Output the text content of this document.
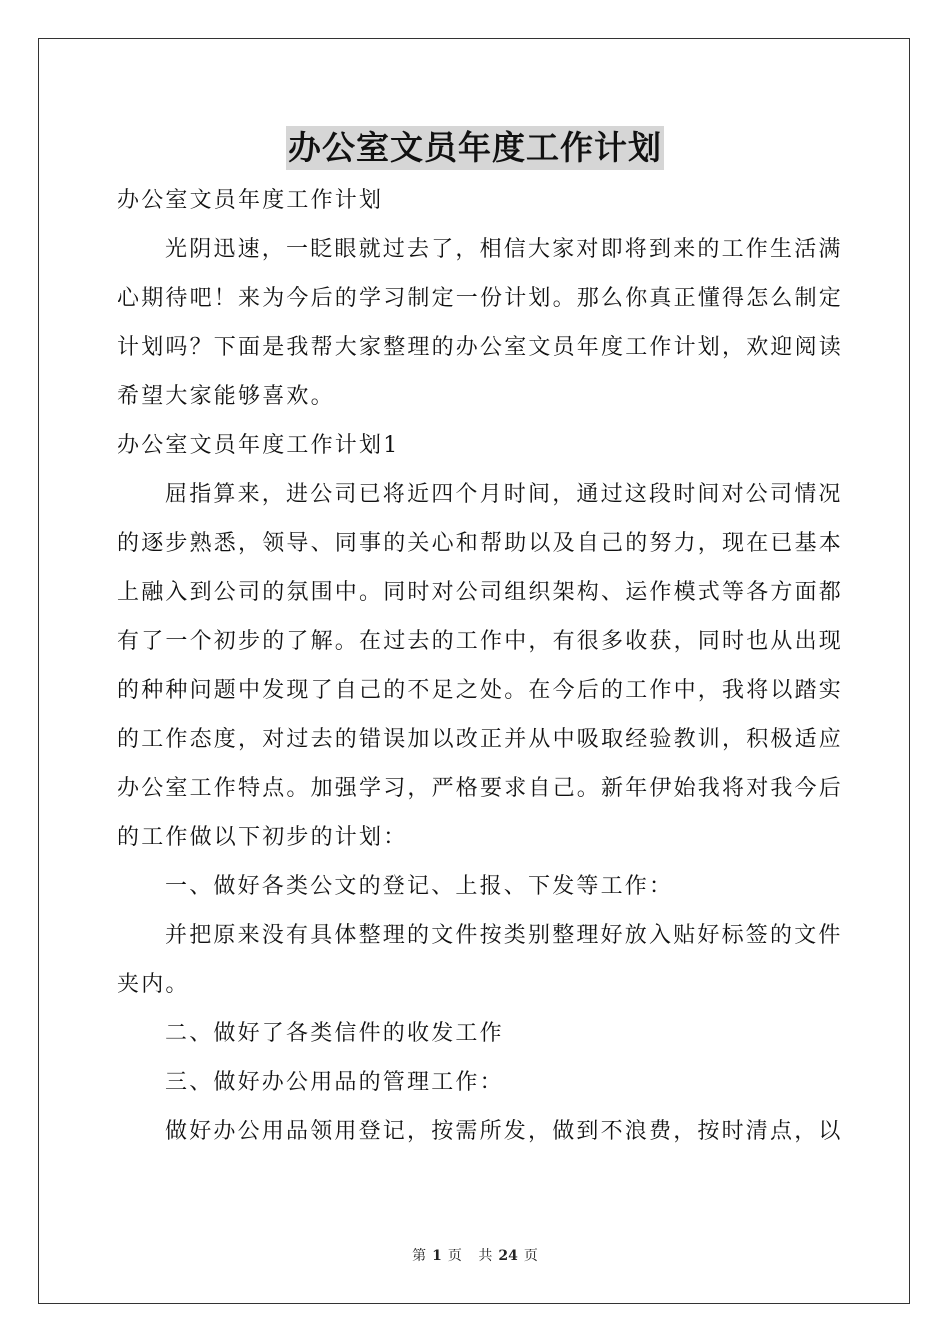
办公室文员年度工作计划

办公室文员年度工作计划

光阴迅速，一眨眼就过去了，相信大家对即将到来的工作生活满

心期待吧！来为今后的学习制定一份计划。那么你真正懂得怎么制定

计划吗？下面是我帮大家整理的办公室文员年度工作计划，欢迎阅读

希望大家能够喜欢。

办公室文员年度工作计划1

屈指算来，进公司已将近四个月时间，通过这段时间对公司情况

的逐步熟悉，领导、同事的关心和帮助以及自己的努力，现在已基本

上融入到公司的氛围中。同时对公司组织架构、运作模式等各方面都

有了一个初步的了解。在过去的工作中，有很多收获，同时也从出现

的种种问题中发现了自己的不足之处。在今后的工作中，我将以踏实

的工作态度，对过去的错误加以改正并从中吸取经验教训，积极适应

办公室工作特点。加强学习，严格要求自己。新年伊始我将对我今后

的工作做以下初步的计划：

一、做好各类公文的登记、上报、下发等工作：

并把原来没有具体整理的文件按类别整理好放入贴好标签的文件

夹内。

二、做好了各类信件的收发工作

三、做好办公用品的管理工作：

做好办公用品领用登记，按需所发，做到不浪费，按时清点，以

第 1 页 共 24 页
